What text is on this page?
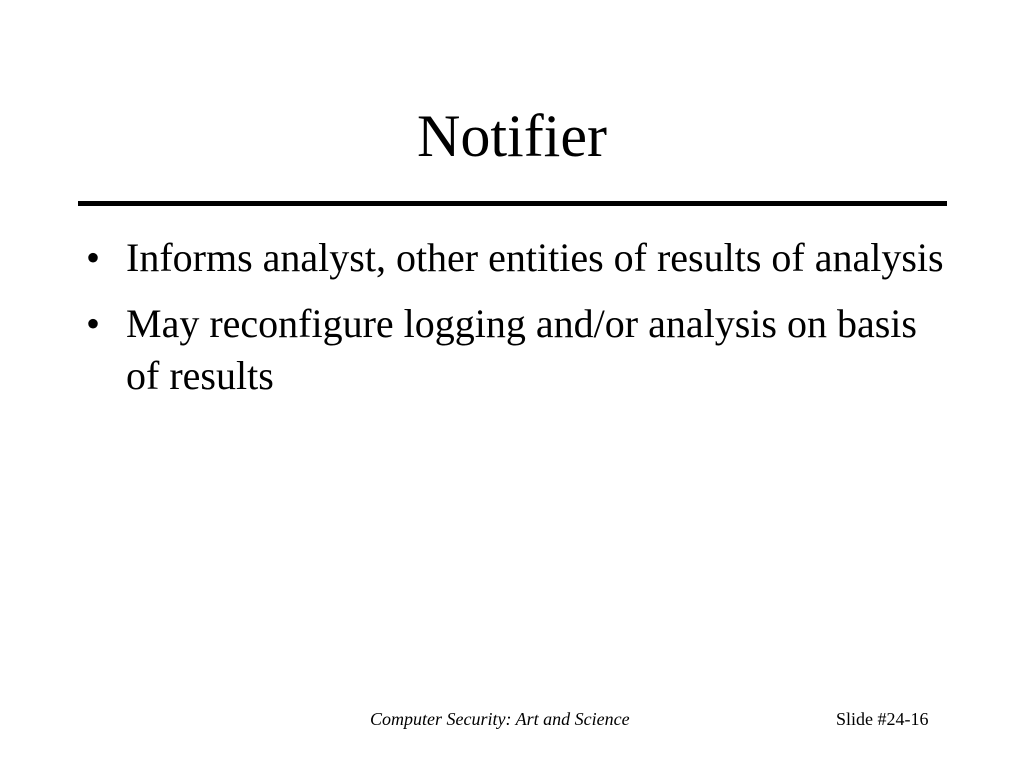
Notifier
• Informs analyst, other entities of results of analysis
• May reconfigure logging and/or analysis on basis of results
Computer Security: Art and Science	Slide #24-16
